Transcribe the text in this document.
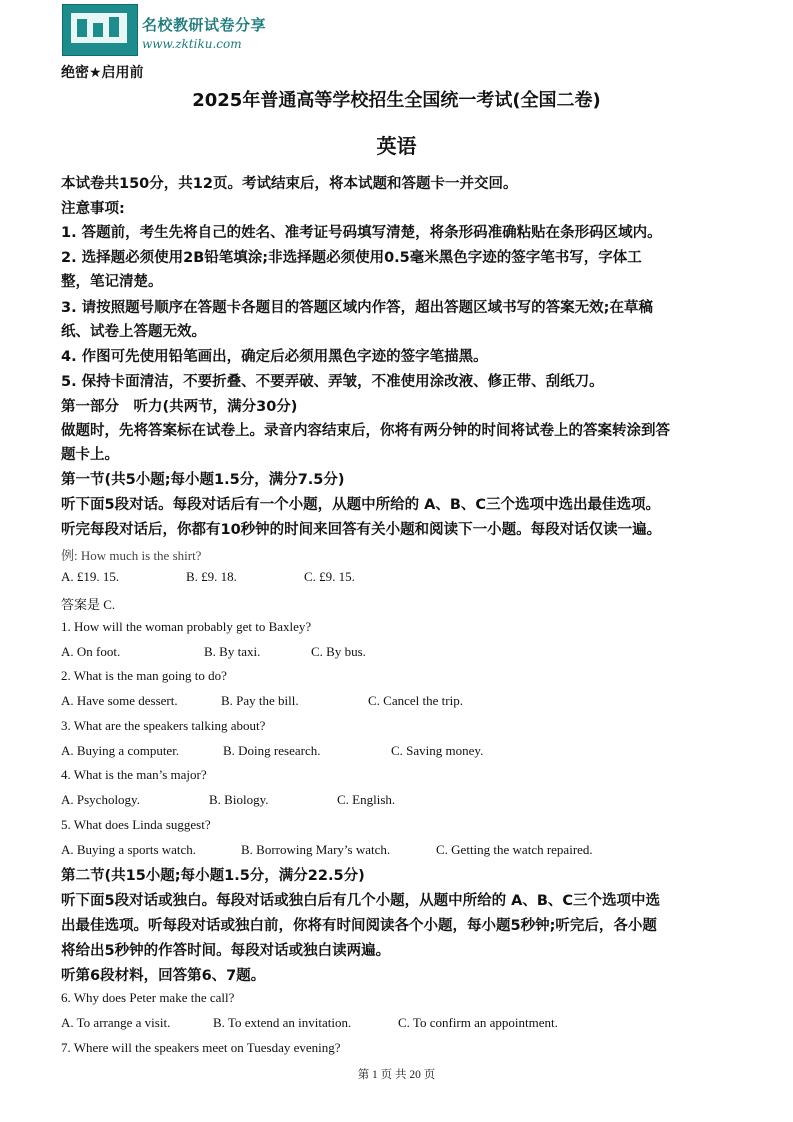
名校教研试卷分享
www.zktiku.com
绝密★启用前
2025年普通高等学校招生全国统一考试(全国二卷)
英语
本试卷共150分，共12页。考试结束后，将本试题和答题卡一并交回。
注意事项:
1. 答题前，考生先将自己的姓名、准考证号码填写清楚，将条形码准确粘贴在条形码区域内。
2. 选择题必须使用2B铅笔填涂;非选择题必须使用0.5毫米黑色字迹的签字笔书写，字体工
整，笔记清楚。
3. 请按照题号顺序在答题卡各题目的答题区域内作答，超出答题区域书写的答案无效;在草稿
纸、试卷上答题无效。
4. 作图可先使用铅笔画出，确定后必须用黑色字迹的签字笔描黑。
5. 保持卡面清洁，不要折叠、不要弄破、弄皱，不准使用涂改液、修正带、刮纸刀。
第一部分　听力(共两节，满分30分)
做题时，先将答案标在试卷上。录音内容结束后，你将有两分钟的时间将试卷上的答案转涂到答
题卡上。
第一节(共5小题;每小题1.5分，满分7.5分)
听下面5段对话。每段对话后有一个小题，从题中所给的 A、B、C三个选项中选出最佳选项。
听完每段对话后，你都有10秒钟的时间来回答有关小题和阅读下一小题。每段对话仅读一遍。
例: How much is the shirt?
A. £19. 15.	B. £9. 18.	C. £9. 15.
答案是 C.
1. How will the woman probably get to Baxley?
A. On foot.	B. By taxi.	C. By bus.
2. What is the man going to do?
A. Have some dessert.	B. Pay the bill.	C. Cancel the trip.
3. What are the speakers talking about?
A. Buying a computer.	B. Doing research.	C. Saving money.
4. What is the man’s major?
A. Psychology.	B. Biology.	C. English.
5. What does Linda suggest?
A. Buying a sports watch.	B. Borrowing Mary’s watch.	C. Getting the watch repaired.
第二节(共15小题;每小题1.5分，满分22.5分)
听下面5段对话或独白。每段对话或独白后有几个小题，从题中所给的 A、B、C三个选项中选
出最佳选项。听每段对话或独白前，你将有时间阅读各个小题，每小题5秒钟;听完后，各小题
将给出5秒钟的作答时间。每段对话或独白读两遍。
听第6段材料，回答第6、7题。
6. Why does Peter make the call?
A. To arrange a visit.	B. To extend an invitation.	C. To confirm an appointment.
7. Where will the speakers meet on Tuesday evening?
第 1 页 共 20 页
